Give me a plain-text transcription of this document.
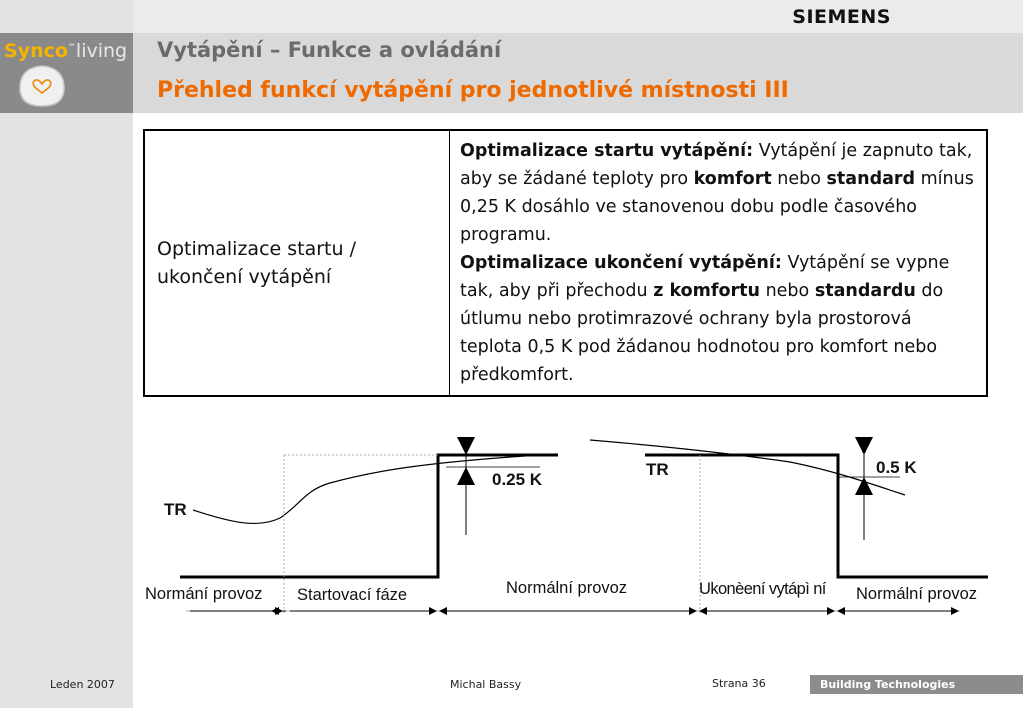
SIEMENS
Synco™living Vytápění – Funkce a ovládání
Přehled funkcí vytápění pro jednotlivé místnosti III
Optimalizace startu / ukončení vytápění	
Optimalizace startu vytápění: Vytápění je zapnuto tak, aby se žádané teploty pro komfort nebo standard mínus 0,25 K dosáhlo ve stanovenou dobu podle časového programu.
Optimalizace ukončení vytápění: Vytápění se vypne tak, aby při přechodu z komfortu nebo standardu do útlumu nebo protimrazové ochrany byla prostorová teplota 0,5 K pod žádanou hodnotou pro komfort nebo předkomfort.
TR
TR
0.25 K
0.5 K
Normání provoz Startovací fáze	Normální provoz	Ukonèení vytápì ní Normální provoz
Leden 2007	Michal Bassy	Strana 36	Building Technologies
